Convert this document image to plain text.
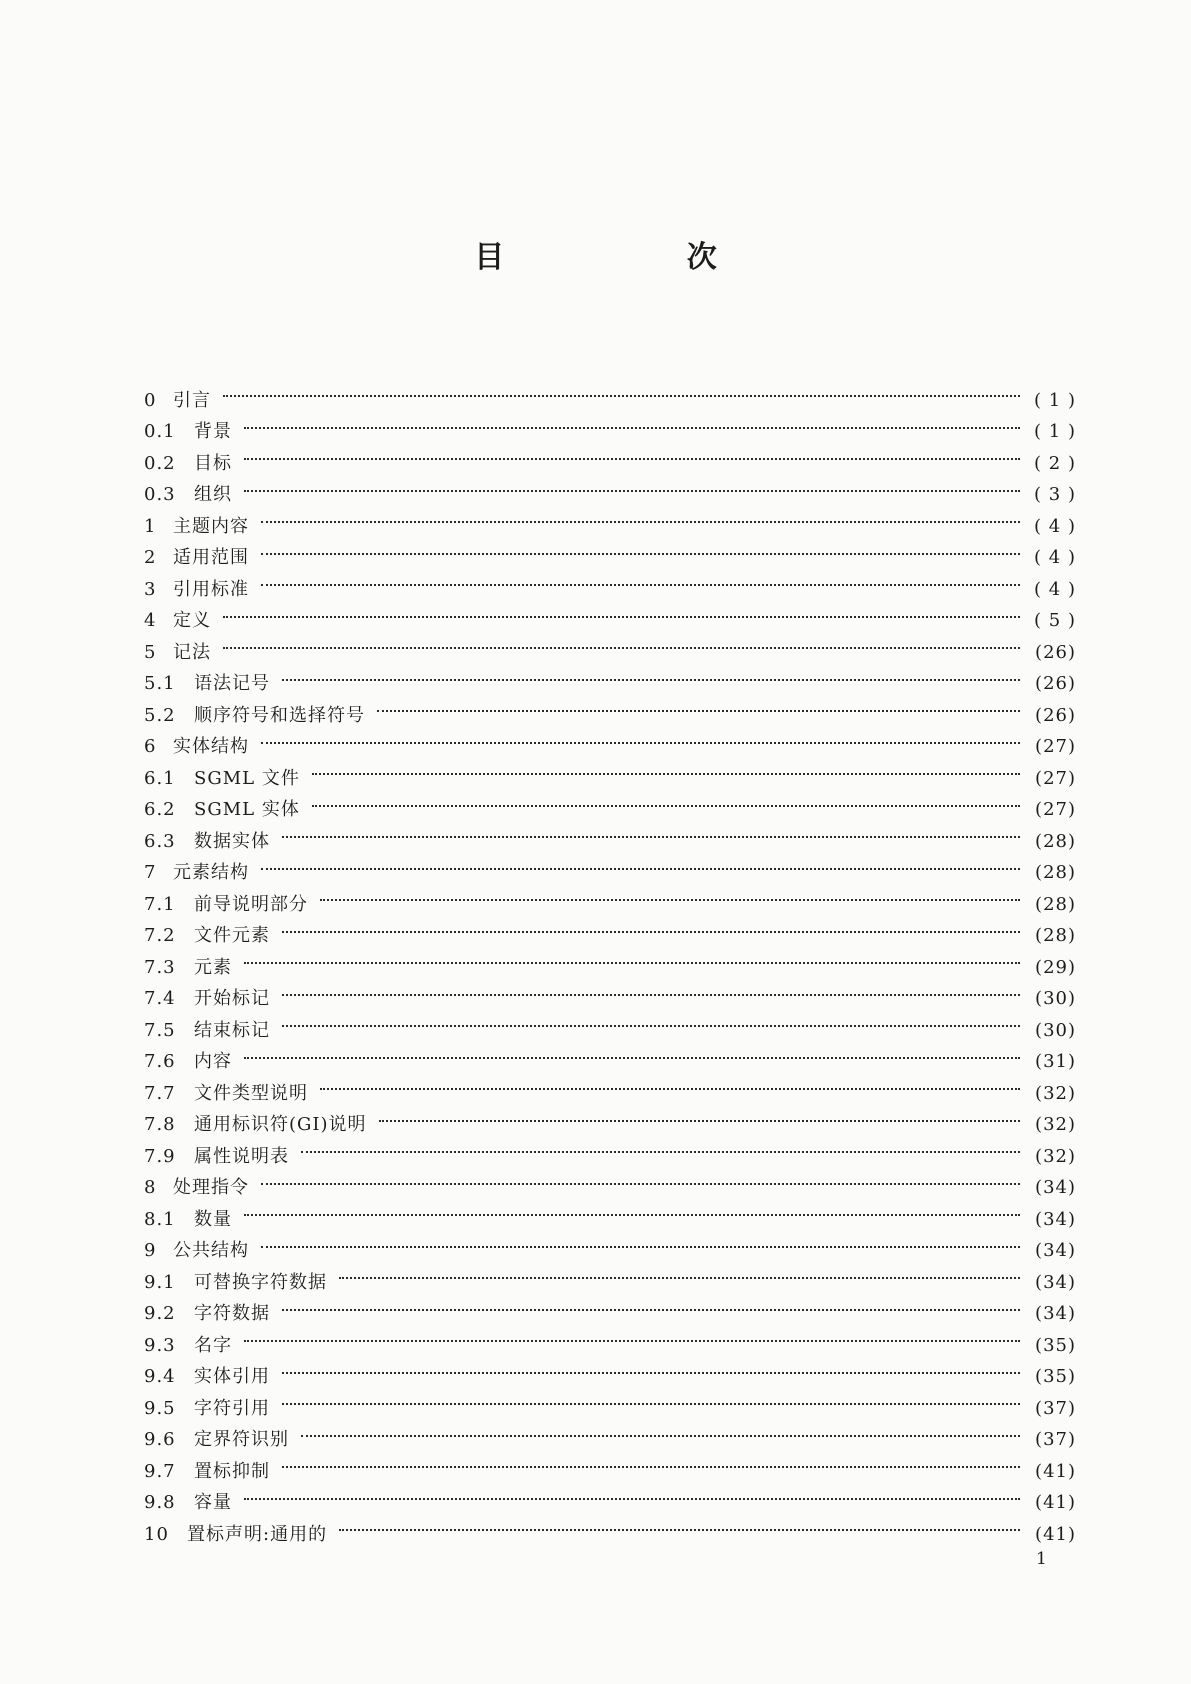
目 次
0 引言	( 1 )
0.1	背景	( 1 )
0.2	目标	( 2 )
0.3	组织	( 3 )
1 主题内容	( 4 )
2 适用范围	( 4 )
3 引用标准	( 4 )
4 定义	( 5 )
5 记法	(26)
5.1	语法记号	(26)
5.2	顺序符号和选择符号	(26)
6 实体结构	(27)
6.1	SGML 文件	(27)
6.2	SGML 实体	(27)
6.3	数据实体	(28)
7 元素结构	(28)
7.1	前导说明部分	(28)
7.2	文件元素	(28)
7.3	元素	(29)
7.4	开始标记	(30)
7.5	结束标记	(30)
7.6	内容	(31)
7.7	文件类型说明	(32)
7.8	通用标识符(GI)说明	(32)
7.9	属性说明表	(32)
8 处理指令	(34)
8.1	数量	(34)
9 公共结构	(34)
9.1	可替换字符数据	(34)
9.2	字符数据	(34)
9.3	名字	(35)
9.4	实体引用	(35)
9.5	字符引用	(37)
9.6	定界符识别	(37)
9.7	置标抑制	(41)
9.8	容量	(41)
10	置标声明:通用的	(41)

1
